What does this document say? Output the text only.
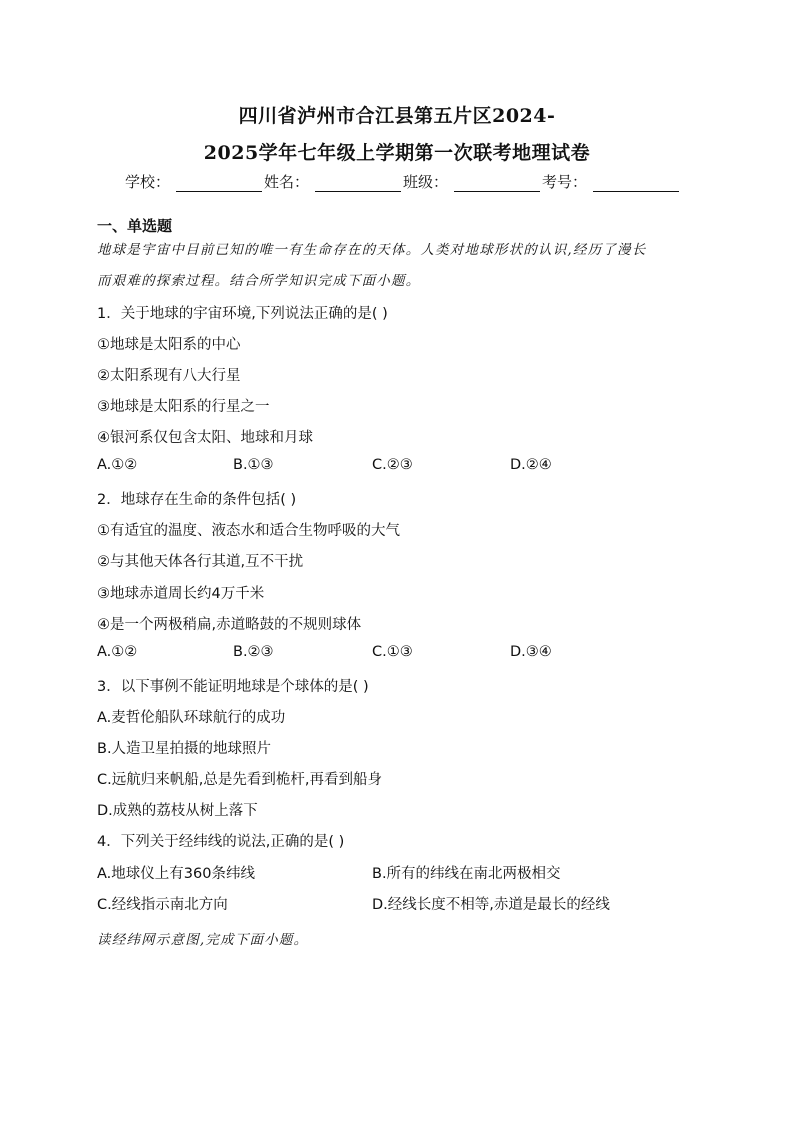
四川省泸州市合江县第五片区2024-
2025学年七年级上学期第一次联考地理试卷
学校：	姓名：	班级：	考号：
一、单选题
地球是宇宙中目前已知的唯一有生命存在的天体。人类对地球形状的认识,经历了漫长
而艰难的探索过程。结合所学知识完成下面小题。
1．关于地球的宇宙环境,下列说法正确的是( )
①地球是太阳系的中心
②太阳系现有八大行星
③地球是太阳系的行星之一
④银河系仅包含太阳、地球和月球
A.①②	B.①③	C.②③	D.②④
2．地球存在生命的条件包括( )
①有适宜的温度、液态水和适合生物呼吸的大气
②与其他天体各行其道,互不干扰
③地球赤道周长约4万千米
④是一个两极稍扁,赤道略鼓的不规则球体
A.①②	B.②③	C.①③	D.③④
3．以下事例不能证明地球是个球体的是( )
A.麦哲伦船队环球航行的成功
B.人造卫星拍摄的地球照片
C.远航归来帆船,总是先看到桅杆,再看到船身
D.成熟的荔枝从树上落下
4．下列关于经纬线的说法,正确的是( )
A.地球仪上有360条纬线	B.所有的纬线在南北两极相交
C.经线指示南北方向	D.经线长度不相等,赤道是最长的经线
读经纬网示意图,完成下面小题。
